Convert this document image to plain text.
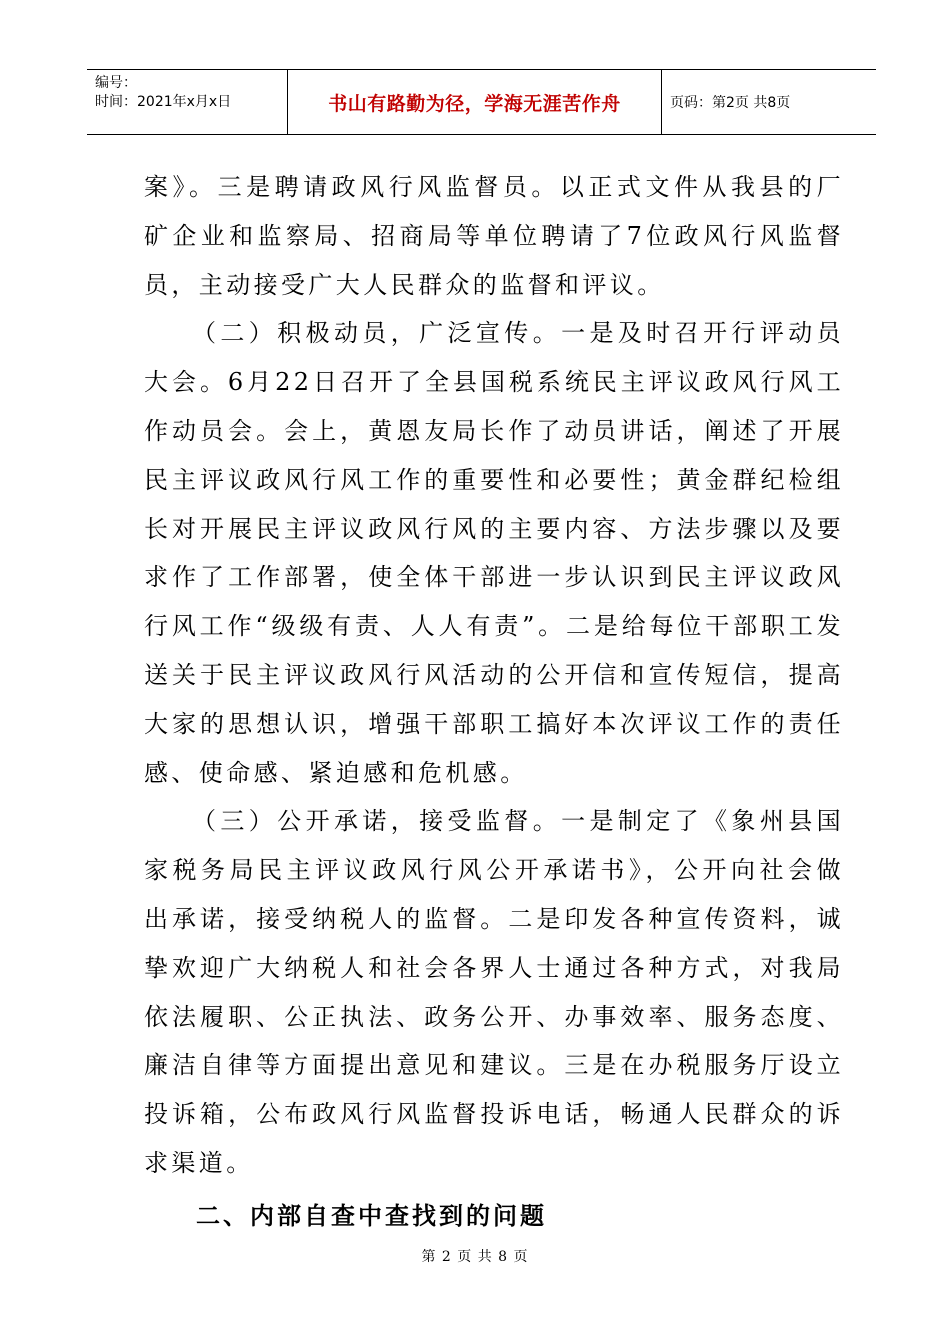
编号：
时间：2021年x月x日	书山有路勤为径，学海无涯苦作舟	页码：第2页 共8页

案》。三是聘请政风行风监督员。以正式文件从我县的厂矿企业和监察局、招商局等单位聘请了7位政风行风监督员，主动接受广大人民群众的监督和评议。

（二）积极动员，广泛宣传。一是及时召开行评动员大会。6月22日召开了全县国税系统民主评议政风行风工作动员会。会上，黄恩友局长作了动员讲话，阐述了开展民主评议政风行风工作的重要性和必要性；黄金群纪检组长对开展民主评议政风行风的主要内容、方法步骤以及要求作了工作部署，使全体干部进一步认识到民主评议政风行风工作“级级有责、人人有责”。二是给每位干部职工发送关于民主评议政风行风活动的公开信和宣传短信，提高大家的思想认识，增强干部职工搞好本次评议工作的责任感、使命感、紧迫感和危机感。

（三）公开承诺，接受监督。一是制定了《象州县国家税务局民主评议政风行风公开承诺书》，公开向社会做出承诺，接受纳税人的监督。二是印发各种宣传资料，诚挚欢迎广大纳税人和社会各界人士通过各种方式，对我局依法履职、公正执法、政务公开、办事效率、服务态度、廉洁自律等方面提出意见和建议。三是在办税服务厅设立投诉箱，公布政风行风监督投诉电话，畅通人民群众的诉求渠道。

二、内部自查中查找到的问题
第 2 页 共 8 页
